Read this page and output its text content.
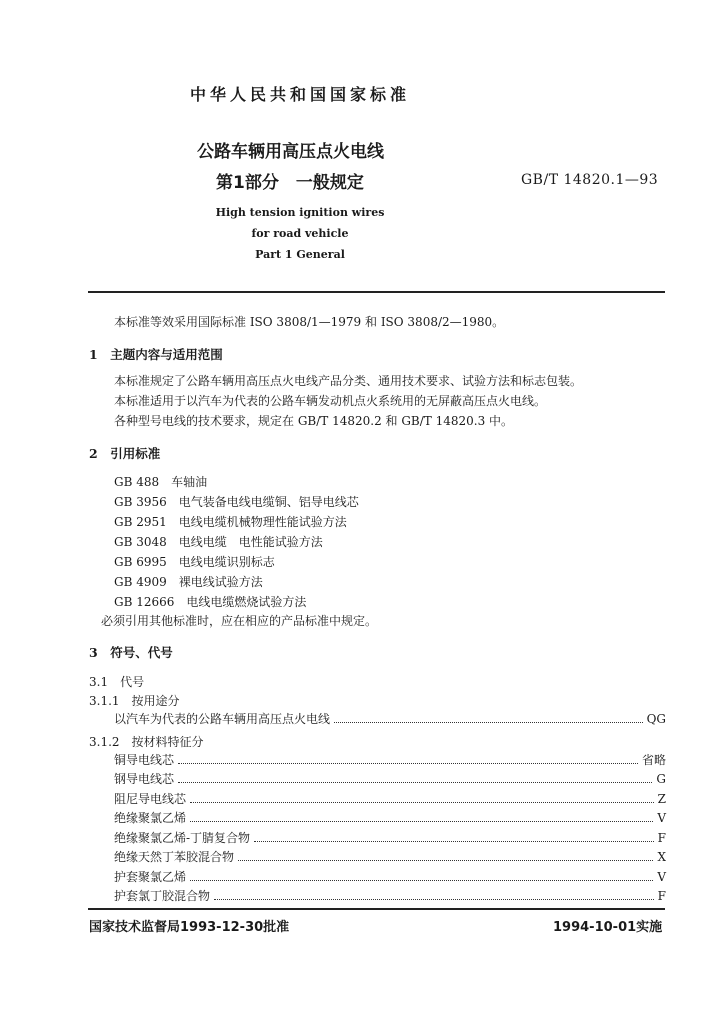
中华人民共和国国家标准
公路车辆用高压点火电线
第1部分　一般规定	GB/T 14820.1—93
High tension ignition wires
for road vehicle
Part 1 General
本标准等效采用国际标准 ISO 3808/1—1979 和 ISO 3808/2—1980。
1　主题内容与适用范围
本标准规定了公路车辆用高压点火电线产品分类、通用技术要求、试验方法和标志包装。
本标准适用于以汽车为代表的公路车辆发动机点火系统用的无屏蔽高压点火电线。
各种型号电线的技术要求，规定在 GB/T 14820.2 和 GB/T 14820.3 中。
2　引用标准
GB 488　车轴油
GB 3956　电气装备电线电缆铜、铝导电线芯
GB 2951　电线电缆机械物理性能试验方法
GB 3048　电线电缆　电性能试验方法
GB 6995　电线电缆识别标志
GB 4909　裸电线试验方法
GB 12666　电线电缆燃烧试验方法
必须引用其他标准时，应在相应的产品标准中规定。
3　符号、代号
3.1　代号
3.1.1　按用途分
以汽车为代表的公路车辆用高压点火电线	QG
3.1.2　按材料特征分
铜导电线芯	省略
钢导电线芯	G
阻尼导电线芯	Z
绝缘聚氯乙烯	V
绝缘聚氯乙烯-丁腈复合物	F
绝缘天然丁苯胶混合物	X
护套聚氯乙烯	V
护套氯丁胶混合物	F
国家技术监督局1993-12-30批准	1994-10-01实施
